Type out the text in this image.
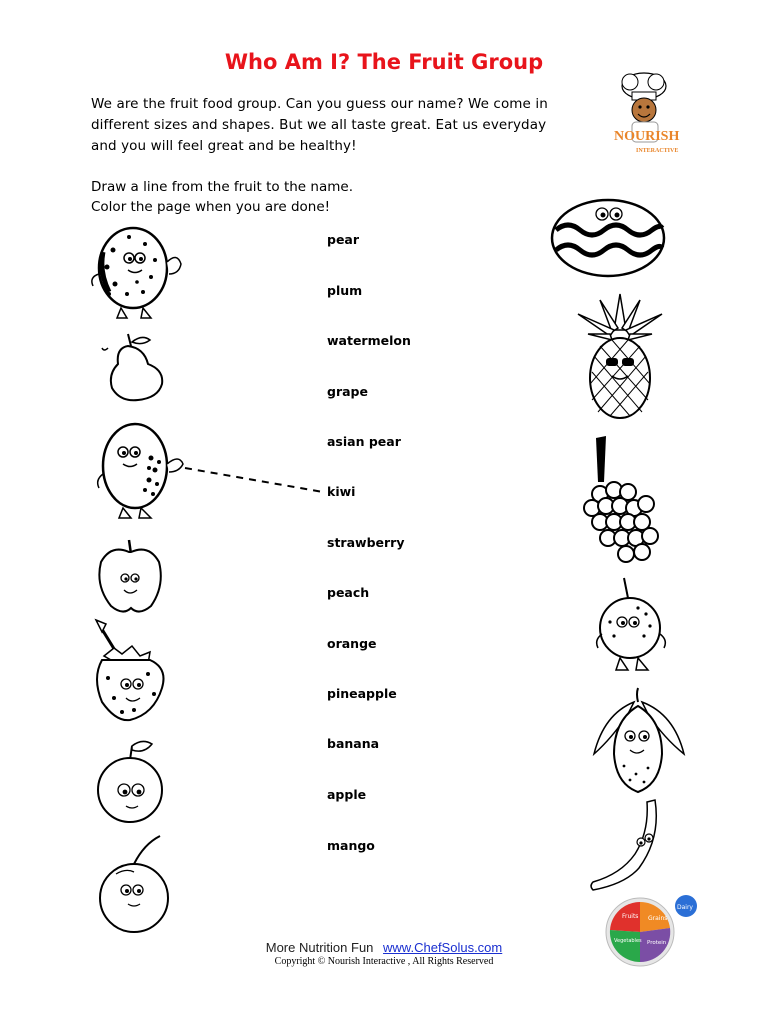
Who Am I? The Fruit Group
We are the fruit food group. Can you guess our name? We come in
different sizes and shapes. But we all taste great. Eat us everyday
and you will feel great and be healthy!
Draw a line from the fruit to the name.
Color the page when you are done!
NOURISH
INTERACTIVE
pear
plum
watermelon
grape
asian pear
kiwi
strawberry
peach
orange
pineapple
banana
apple
mango
Fruits Grains
Vegetables Protein
Dairy
More Nutrition Fun www.ChefSolus.com
Copyright © Nourish Interactive , All Rights Reserved
